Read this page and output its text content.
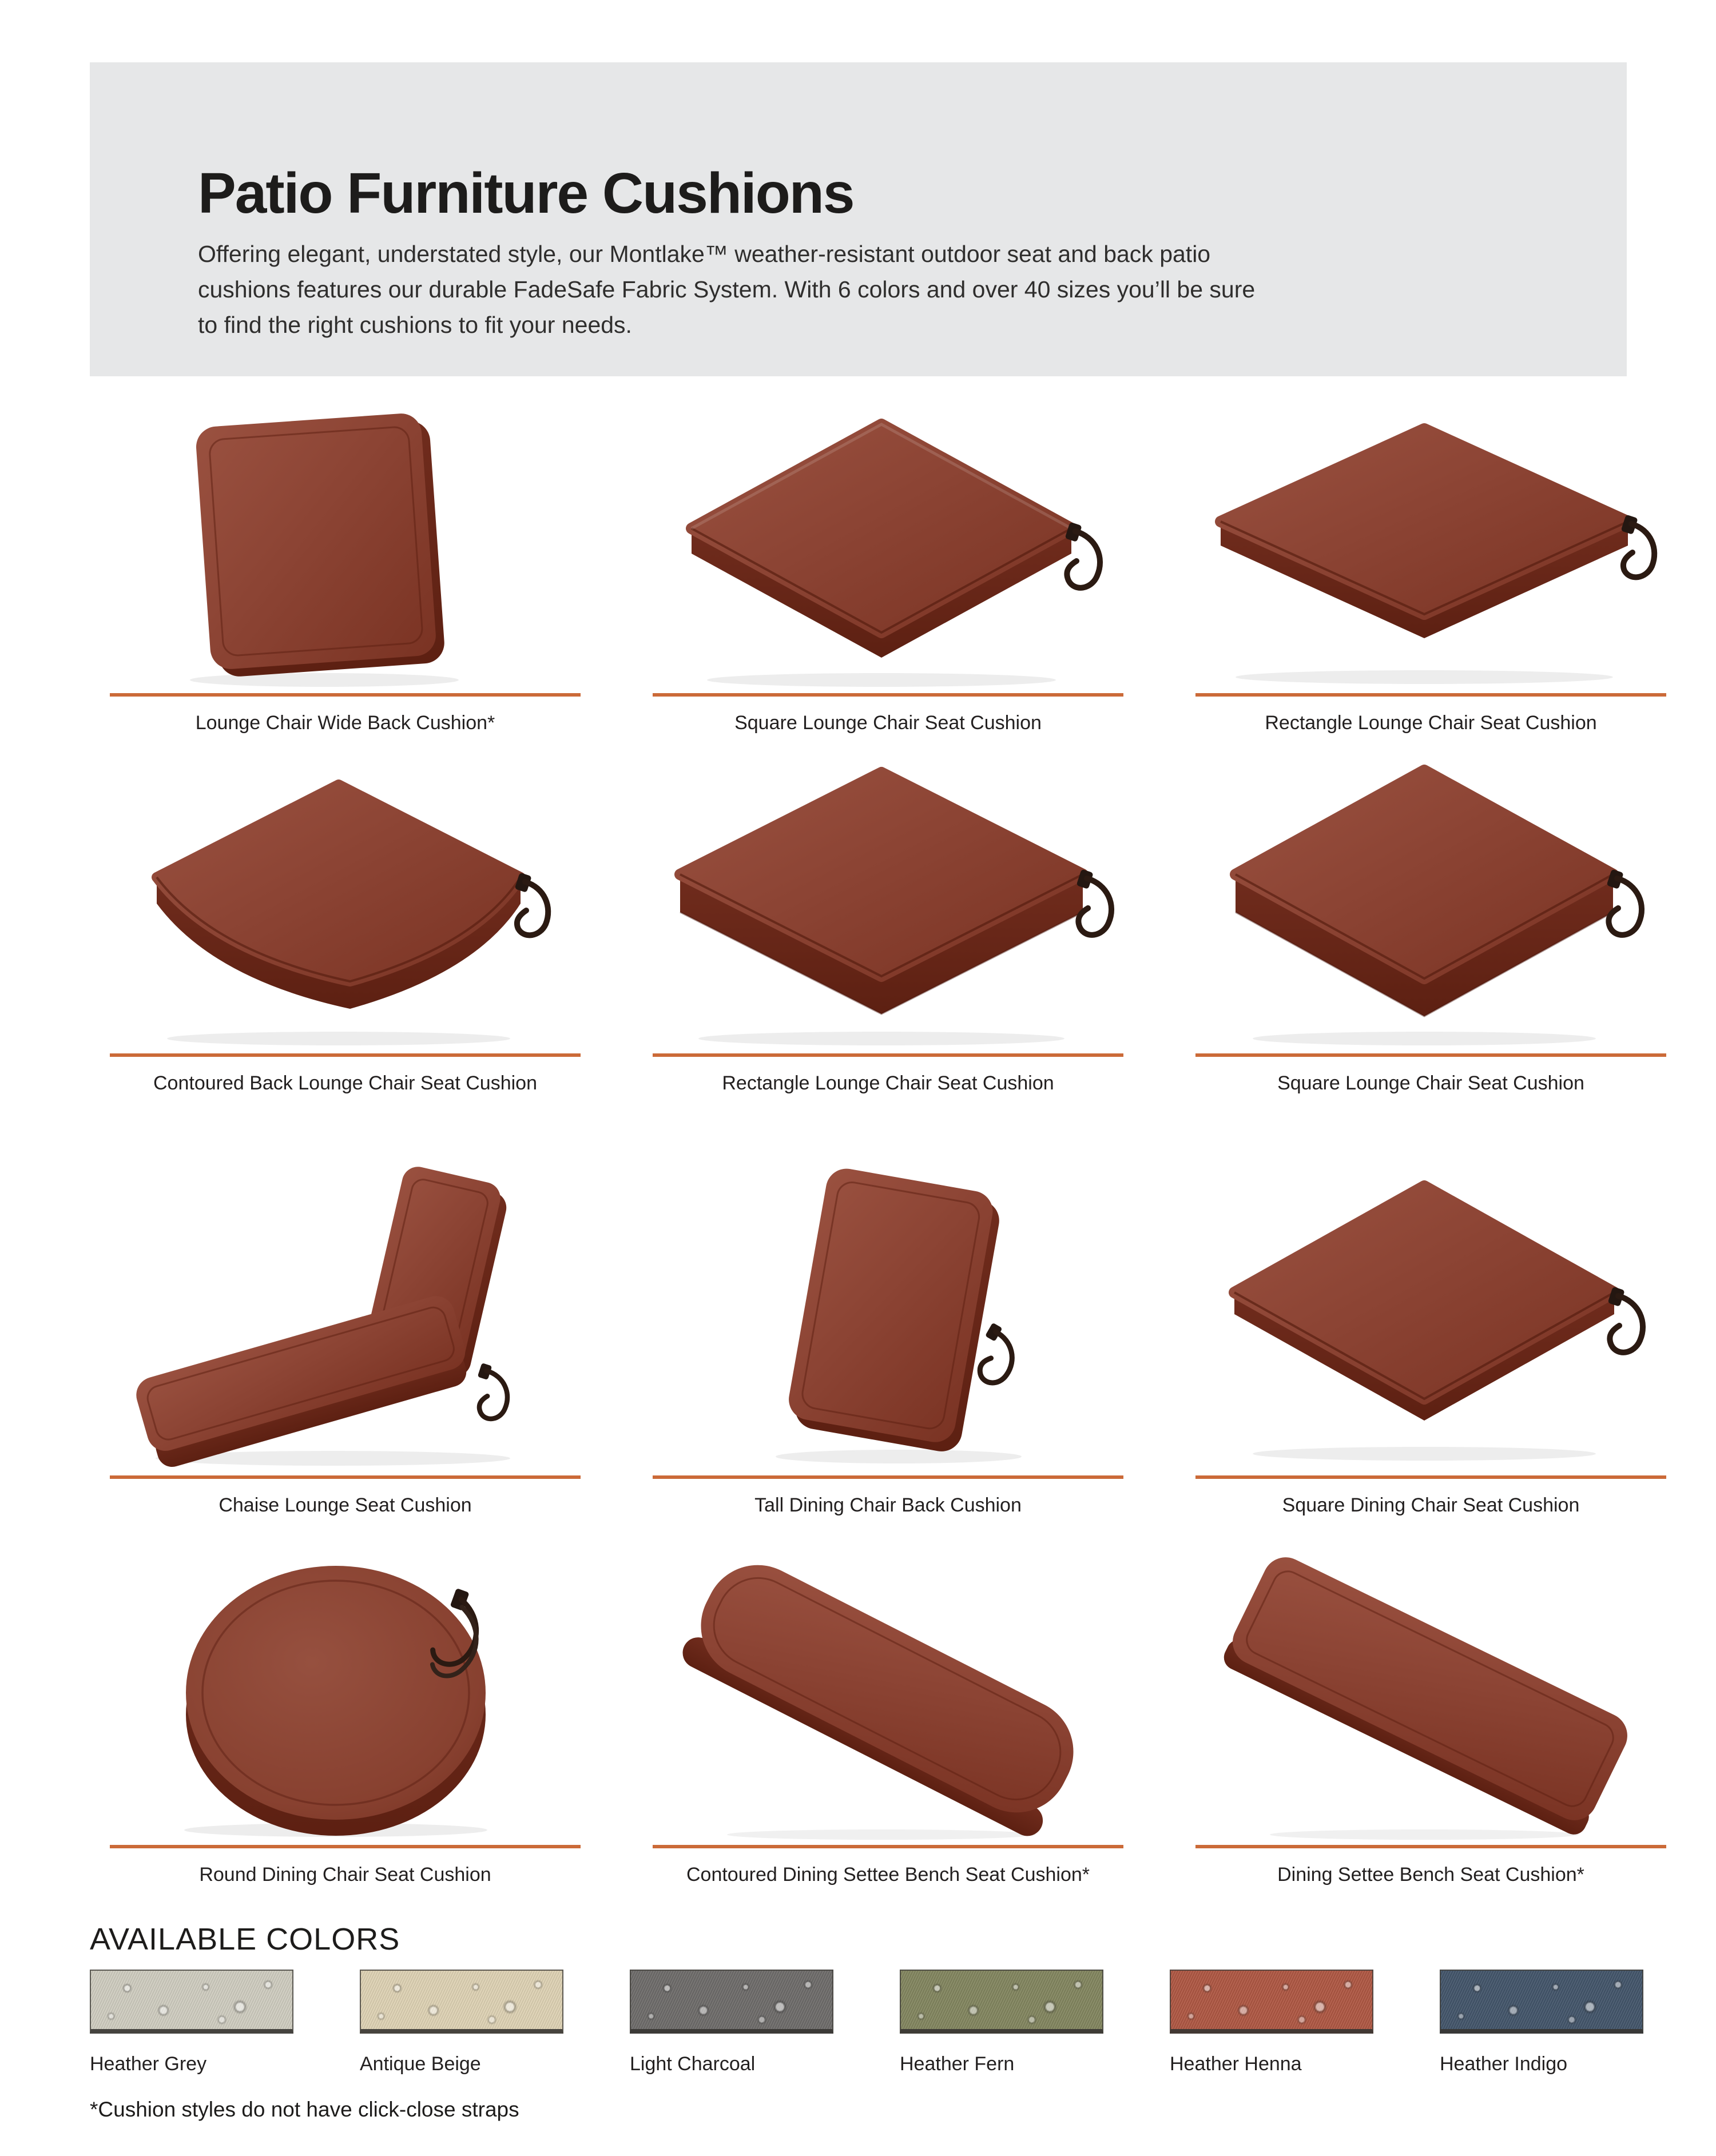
Patio Furniture Cushions

Offering elegant, understated style, our Montlake™ weather-resistant outdoor seat and back patio
cushions features our durable FadeSafe Fabric System. With 6 colors and over 40 sizes you’ll be sure
to find the right cushions to fit your needs.

Lounge Chair Wide Back Cushion*	Square Lounge Chair Seat Cushion	Rectangle Lounge Chair Seat Cushion
Contoured Back Lounge Chair Seat Cushion	Rectangle Lounge Chair Seat Cushion	Square Lounge Chair Seat Cushion
Chaise Lounge Seat Cushion	Tall Dining Chair Back Cushion	Square Dining Chair Seat Cushion
Round Dining Chair Seat Cushion	Contoured Dining Settee Bench Seat Cushion*	Dining Settee Bench Seat Cushion*
AVAILABLE COLORS
Heather Grey	Antique Beige	Light Charcoal	Heather Fern	Heather Henna	Heather Indigo

*Cushion styles do not have click-close straps
